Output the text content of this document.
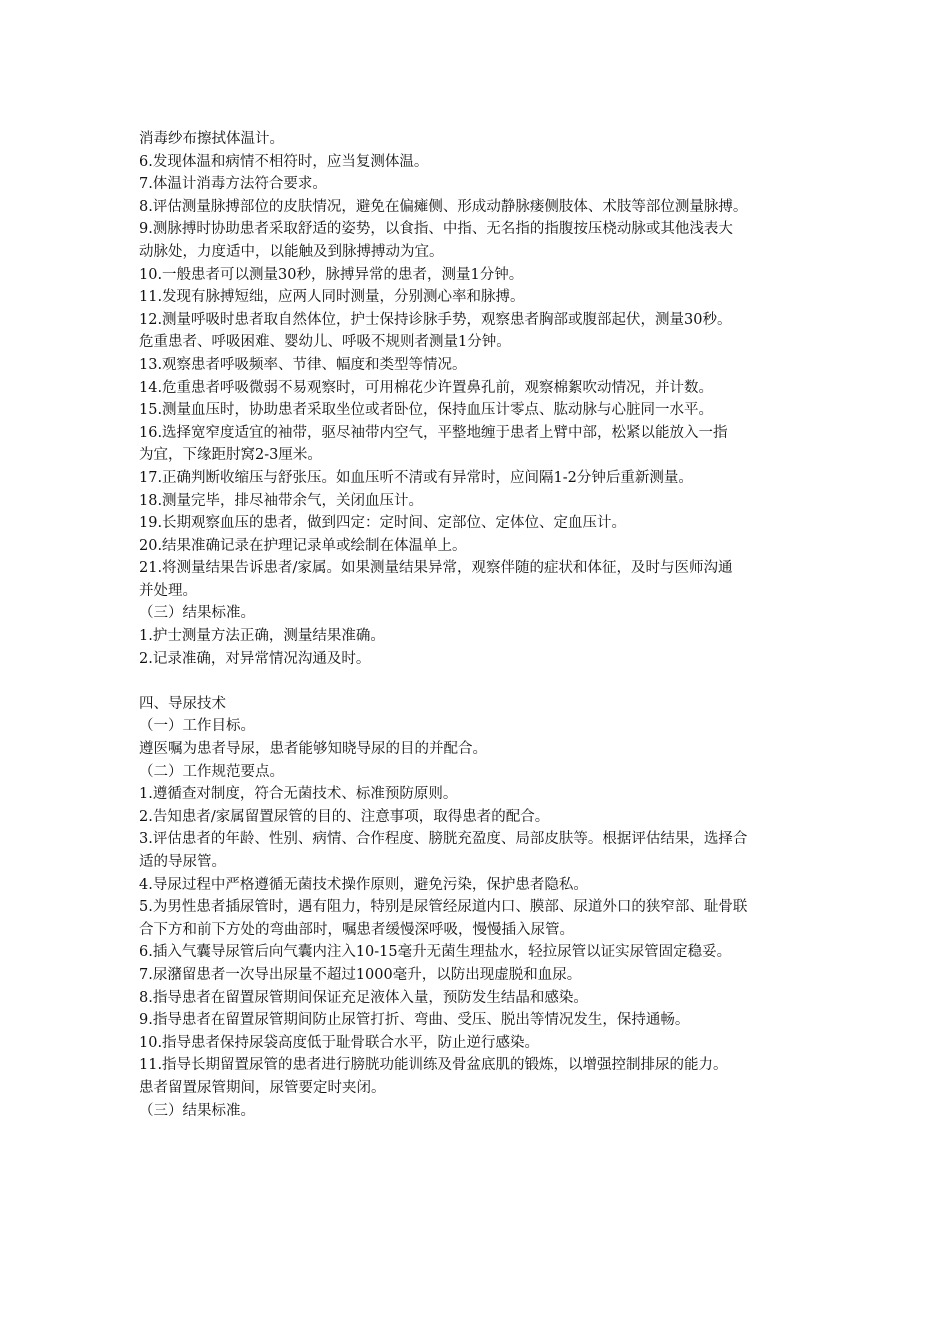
消毒纱布擦拭体温计。
6.发现体温和病情不相符时，应当复测体温。
7.体温计消毒方法符合要求。
8.评估测量脉搏部位的皮肤情况，避免在偏瘫侧、形成动静脉瘘侧肢体、术肢等部位测量脉搏。
9.测脉搏时协助患者采取舒适的姿势，以食指、中指、无名指的指腹按压桡动脉或其他浅表大
动脉处，力度适中，以能触及到脉搏搏动为宜。
10.一般患者可以测量30秒，脉搏异常的患者，测量1分钟。
11.发现有脉搏短绌，应两人同时测量，分别测心率和脉搏。
12.测量呼吸时患者取自然体位，护士保持诊脉手势，观察患者胸部或腹部起伏，测量30秒。
危重患者、呼吸困难、婴幼儿、呼吸不规则者测量1分钟。
13.观察患者呼吸频率、节律、幅度和类型等情况。
14.危重患者呼吸微弱不易观察时，可用棉花少许置鼻孔前，观察棉絮吹动情况，并计数。
15.测量血压时，协助患者采取坐位或者卧位，保持血压计零点、肱动脉与心脏同一水平。
16.选择宽窄度适宜的袖带，驱尽袖带内空气，平整地缠于患者上臂中部，松紧以能放入一指
为宜，下缘距肘窝2-3厘米。
17.正确判断收缩压与舒张压。如血压听不清或有异常时，应间隔1-2分钟后重新测量。
18.测量完毕，排尽袖带余气，关闭血压计。
19.长期观察血压的患者，做到四定：定时间、定部位、定体位、定血压计。
20.结果准确记录在护理记录单或绘制在体温单上。
21.将测量结果告诉患者/家属。如果测量结果异常，观察伴随的症状和体征，及时与医师沟通
并处理。
（三）结果标准。
1.护士测量方法正确，测量结果准确。
2.记录准确，对异常情况沟通及时。
四、导尿技术
（一）工作目标。
遵医嘱为患者导尿，患者能够知晓导尿的目的并配合。
（二）工作规范要点。
1.遵循查对制度，符合无菌技术、标准预防原则。
2.告知患者/家属留置尿管的目的、注意事项，取得患者的配合。
3.评估患者的年龄、性别、病情、合作程度、膀胱充盈度、局部皮肤等。根据评估结果，选择合
适的导尿管。
4.导尿过程中严格遵循无菌技术操作原则，避免污染，保护患者隐私。
5.为男性患者插尿管时，遇有阻力，特别是尿管经尿道内口、膜部、尿道外口的狭窄部、耻骨联
合下方和前下方处的弯曲部时，嘱患者缓慢深呼吸，慢慢插入尿管。
6.插入气囊导尿管后向气囊内注入10-15毫升无菌生理盐水，轻拉尿管以证实尿管固定稳妥。
7.尿潴留患者一次导出尿量不超过1000毫升，以防出现虚脱和血尿。
8.指导患者在留置尿管期间保证充足液体入量，预防发生结晶和感染。
9.指导患者在留置尿管期间防止尿管打折、弯曲、受压、脱出等情况发生，保持通畅。
10.指导患者保持尿袋高度低于耻骨联合水平，防止逆行感染。
11.指导长期留置尿管的患者进行膀胱功能训练及骨盆底肌的锻炼，以增强控制排尿的能力。
患者留置尿管期间，尿管要定时夹闭。
（三）结果标准。
